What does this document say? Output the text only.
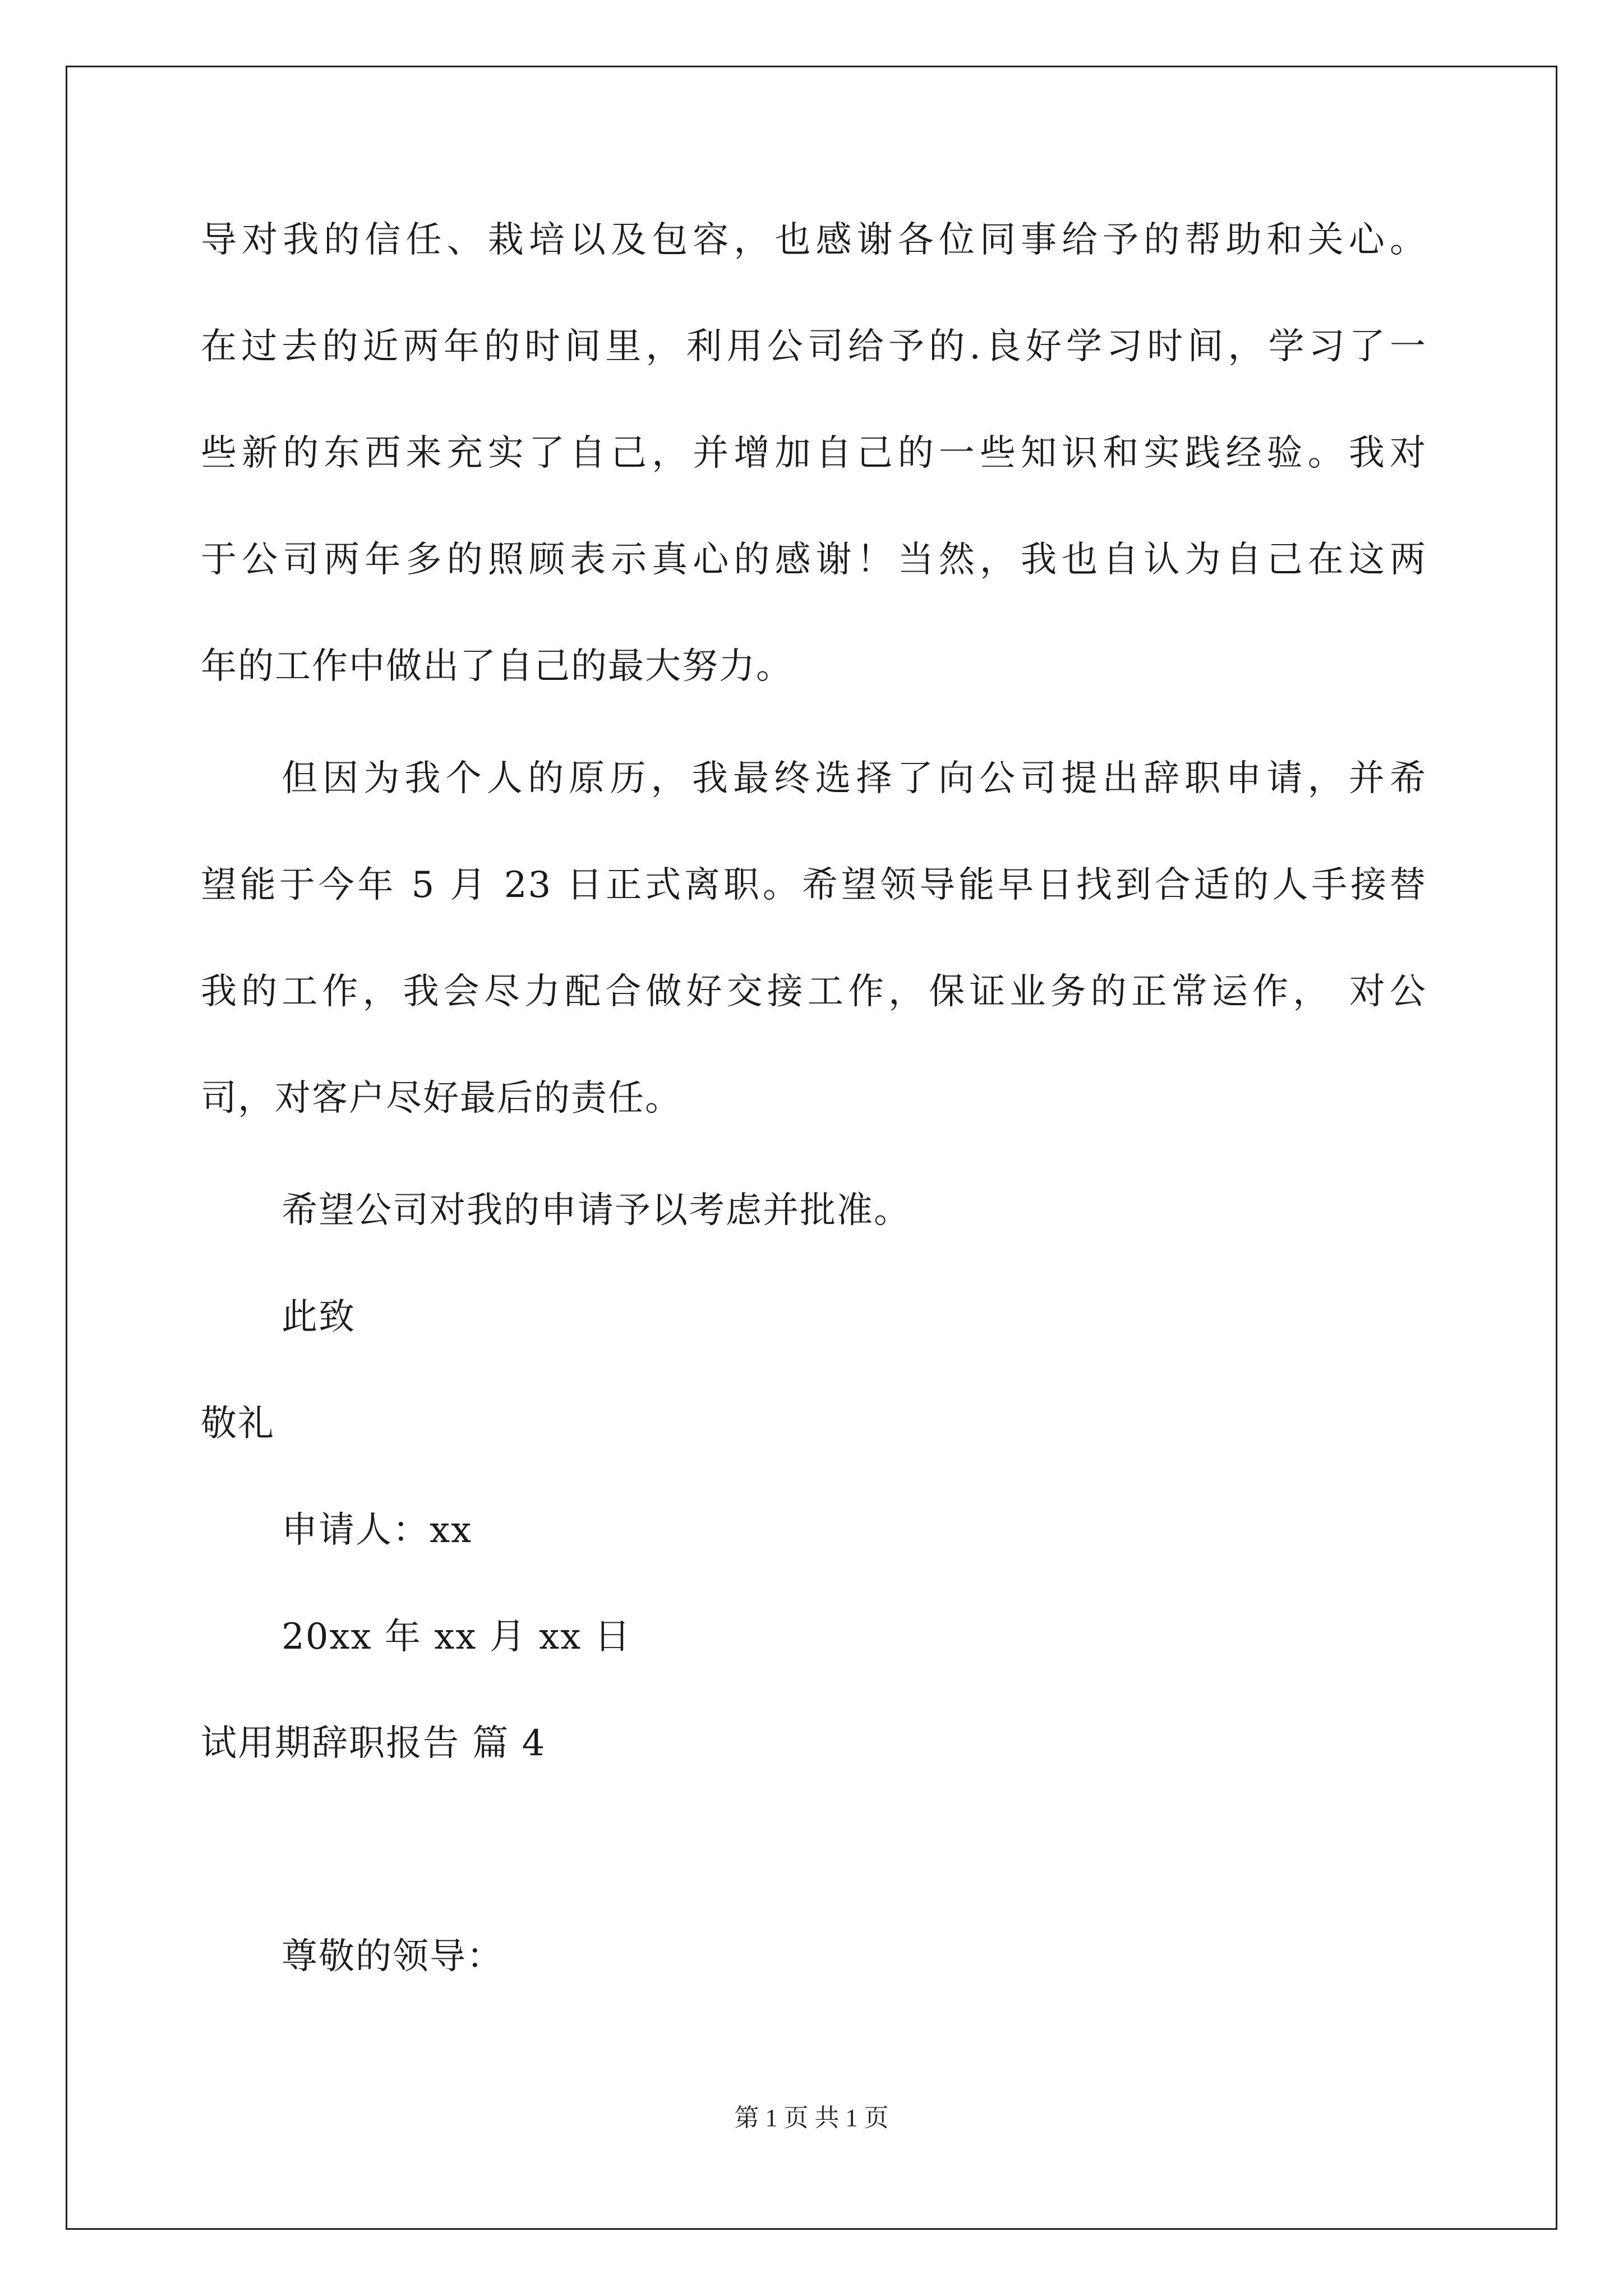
导对我的信任、栽培以及包容，也感谢各位同事给予的帮助和关心。
在过去的近两年的时间里，利用公司给予的.良好学习时间，学习了一
些新的东西来充实了自己，并增加自己的一些知识和实践经验。我对
于公司两年多的照顾表示真心的感谢！当然，我也自认为自己在这两
年的工作中做出了自己的最大努力。
但因为我个人的原历，我最终选择了向公司提出辞职申请，并希
望能于今年 5 月 23 日正式离职。希望领导能早日找到合适的人手接替
我的工作，我会尽力配合做好交接工作，保证业务的正常运作， 对公
司，对客户尽好最后的责任。
希望公司对我的申请予以考虑并批准。
此致
敬礼
申请人：xx
20xx 年 xx 月 xx 日
试用期辞职报告 篇 4
尊敬的领导：
第 1 页 共 1 页
